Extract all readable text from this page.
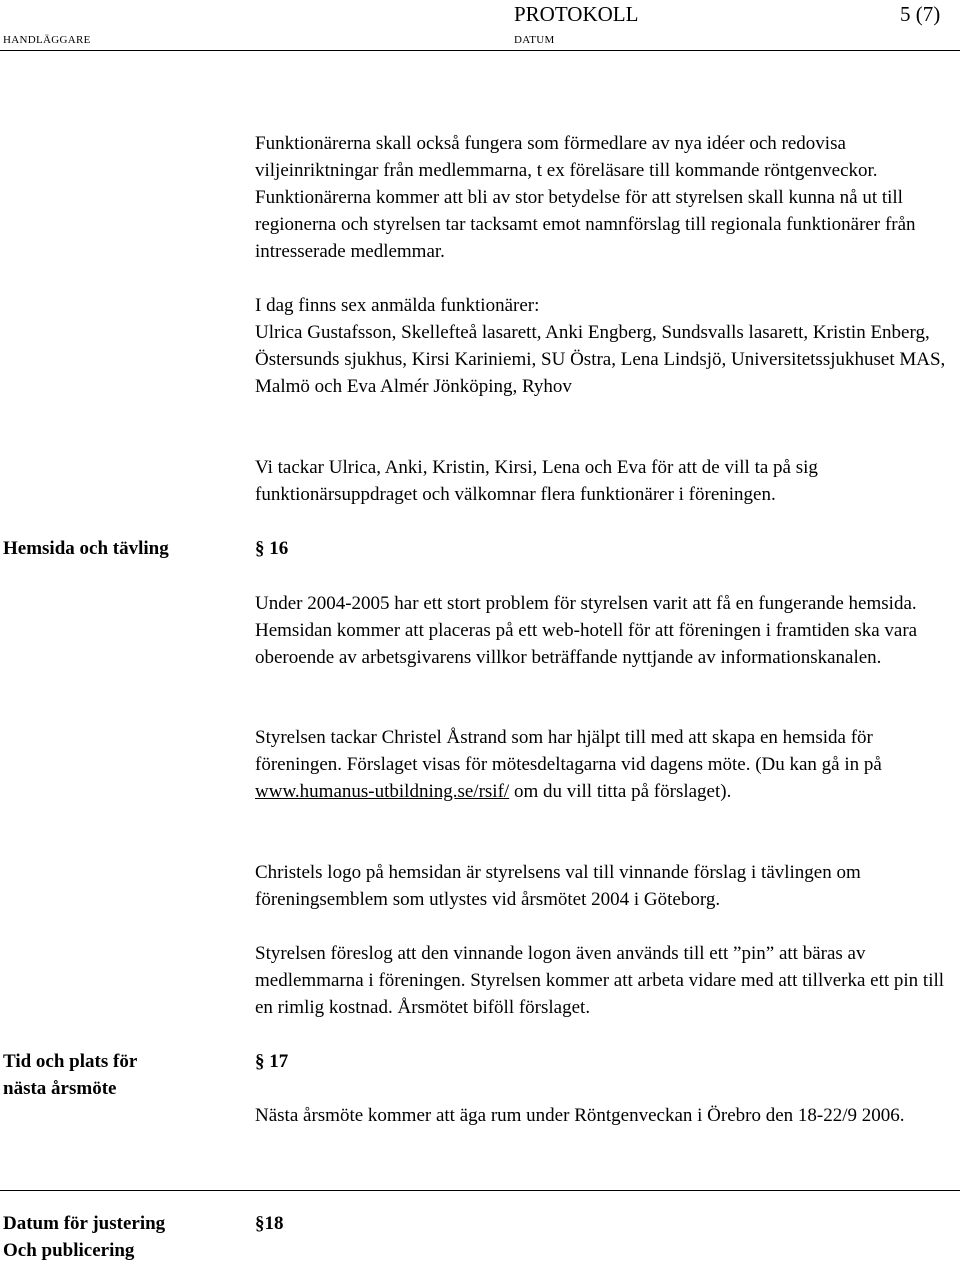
PROTOKOLL	5 (‪7‬)
HANDLÄGGARE	DATUM

Funktionärerna skall också fungera som förmedlare av nya idéer och redovisa viljeinriktningar från medlemmarna, t ex föreläsare till kommande röntgenveckor. Funktionärerna kommer att bli av stor betydelse för att styrelsen skall kunna nå ut till regionerna och styrelsen tar tacksamt emot namnförslag till regionala funktionärer från intresserade medlemmar.

I dag finns sex anmälda funktionärer:
Ulrica Gustafsson, Skellefteå lasarett, Anki Engberg, Sundsvalls lasarett, Kristin Enberg, Östersunds sjukhus, Kirsi Kariniemi, SU Östra, Lena Lindsjö, Universitetssjukhuset MAS, Malmö och Eva Almér Jönköping, Ryhov

Vi tackar Ulrica, Anki, Kristin, Kirsi, Lena och Eva för att de vill ta på sig funktionärsuppdraget och välkomnar flera funktionärer i föreningen.

Hemsida och tävling	§ 16

Under 2004-2005 har ett stort problem för styrelsen varit att få en fungerande hemsida. Hemsidan kommer att placeras på ett web-hotell för att föreningen i framtiden ska vara oberoende av arbetsgivarens villkor beträffande nyttjande av informationskanalen.

Styrelsen tackar Christel Åstrand som har hjälpt till med att skapa en hemsida för föreningen. Förslaget visas för mötesdeltagarna vid dagens möte. (Du kan gå in på www.humanus-utbildning.se/rsif/ om du vill titta på förslaget).

Christels logo på hemsidan är styrelsens val till vinnande förslag i tävlingen om föreningsemblem som utlystes vid årsmötet 2004 i Göteborg.

Styrelsen föreslog att den vinnande logon även används till ett ”pin” att bäras av medlemmarna i föreningen. Styrelsen kommer att arbeta vidare med att tillverka ett pin till en rimlig kostnad. Årsmötet biföll förslaget.

Tid och plats för
nästa årsmöte
§ 17

Nästa årsmöte kommer att äga rum under Röntgenveckan i Örebro den 18-22/9 2006.

Datum för justering
Och publicering
§18
